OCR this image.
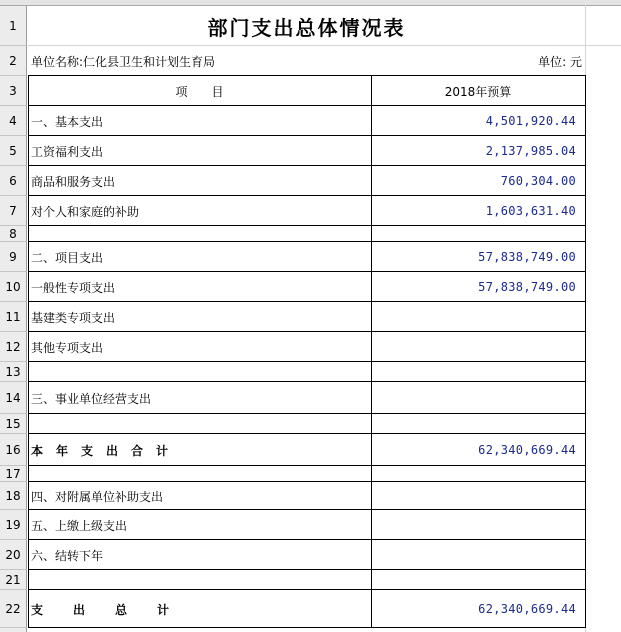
1
2
3
4
5
6
7
8
9
10
11
12
13
14
15
16
17
18
19
20
21
22
部门支出总体情况表
单位名称:仁化县卫生和计划生育局	单位: 元
项　　目	2018年预算
一、基本支出	4,501,920.44
工资福利支出	2,137,985.04
商品和服务支出	760,304.00
对个人和家庭的补助	1,603,631.40
二、项目支出	57,838,749.00
一般性专项支出	57,838,749.00
基建类专项支出
其他专项支出
三、事业单位经营支出
本年支出合计	62,340,669.44
四、对附属单位补助支出
五、上缴上级支出
六、结转下年
支出总计	62,340,669.44
